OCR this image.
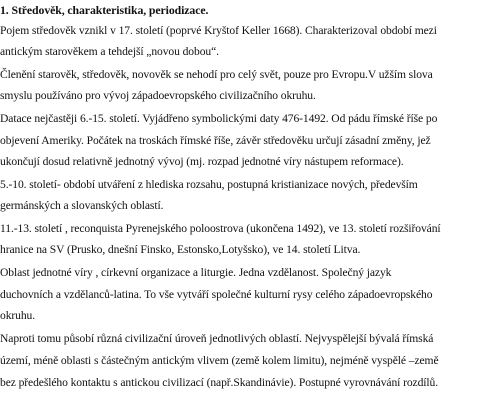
1. Středověk, charakteristika, periodizace.
Pojem středověk vznikl v 17. století (poprvé Kryštof Keller 1668). Charakterizoval období mezi
antickým starověkem a tehdejší „novou dobou“.
Členění starověk, středověk, novověk se nehodí pro celý svět, pouze pro Evropu.V užším slova
smyslu používáno pro vývoj západoevropského civilizačního okruhu.
Datace nejčastěji 6.-15. století. Vyjádřeno symbolickými daty 476-1492. Od pádu římské říše po
objevení Ameriky. Počátek na troskách římské říše, závěr středověku určují zásadní změny, jež
ukončují dosud relativně jednotný vývoj (mj. rozpad jednotné víry nástupem reformace).
5.-10. století- období utváření z hlediska rozsahu, postupná kristianizace nových, především
germánských a slovanských oblastí.
11.-13. století , reconquista Pyrenejského poloostrova (ukončena 1492), ve 13. století rozšiřování
hranice na SV (Prusko, dnešní Finsko, Estonsko,Lotyšsko), ve 14. století Litva.
Oblast jednotné víry , církevní organizace a liturgie. Jedna vzdělanost. Společný jazyk
duchovních a vzdělanců-latina. To vše vytváří společné kulturní rysy celého západoevropského
okruhu.
Naproti tomu působí různá civilizační úroveň jednotlivých oblastí. Nejvyspělejší bývalá římská
území, méně oblasti s částečným antickým vlivem (země kolem limitu), nejméně vyspělé –země
bez předešlého kontaktu s antickou civilizací (např.Skandinávie). Postupné vyrovnávání rozdílů.
